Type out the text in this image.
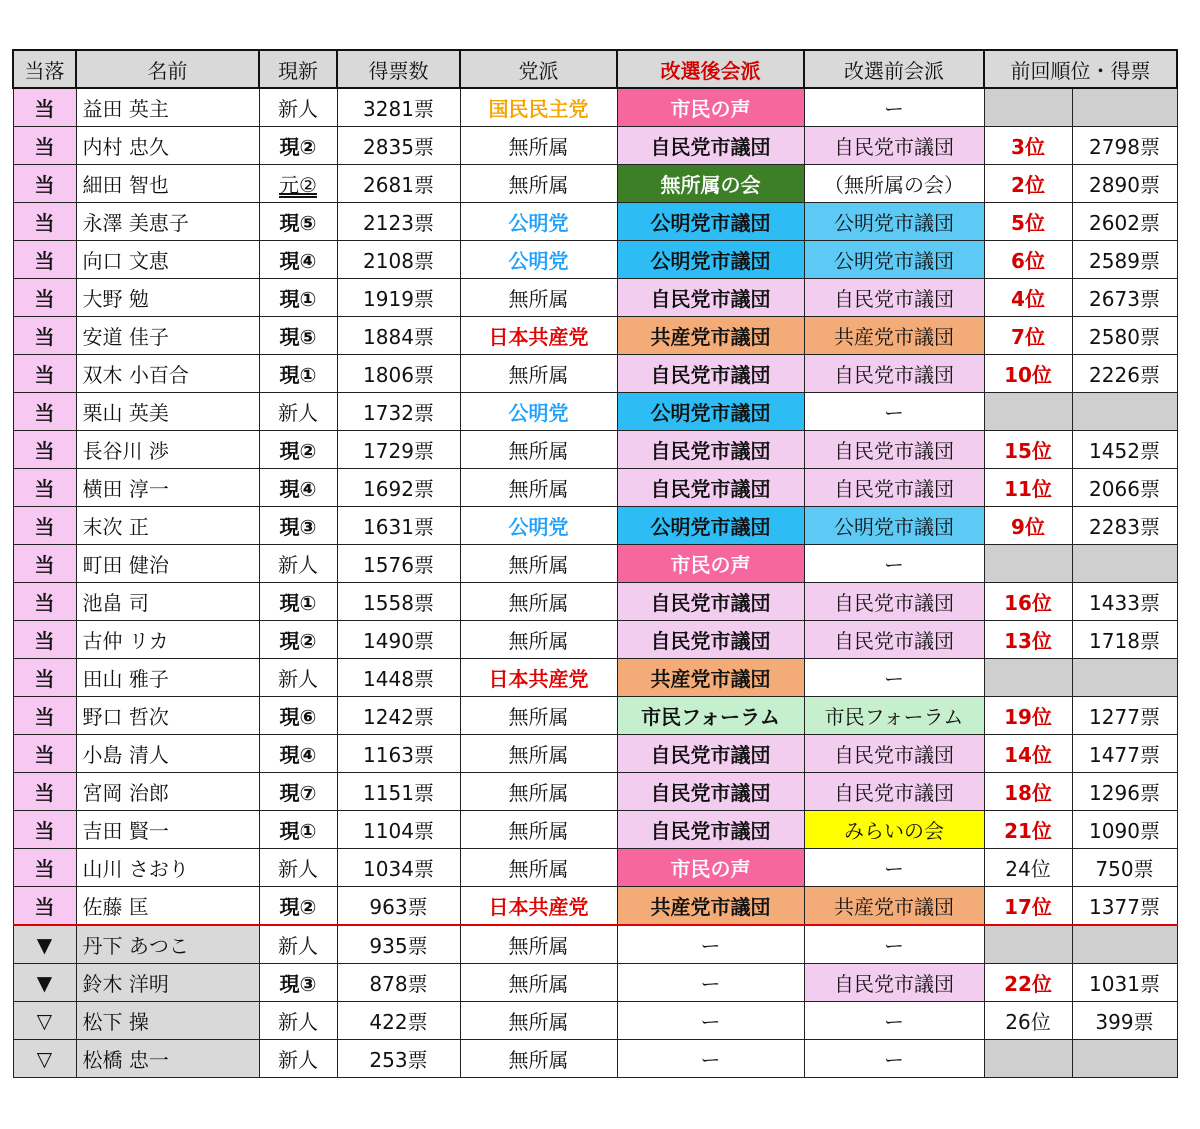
当落	名前	現新	得票数	党派	改選後会派	改選前会派	前回順位・得票	
当	益田 英主	新人	3281票	国民民主党	市民の声	ー		
当	内村 忠久	現②	2835票	無所属	自民党市議団	自民党市議団	3位	2798票
当	細田 智也	元②	2681票	無所属	無所属の会	（無所属の会）	2位	2890票
当	永澤 美恵子	現⑤	2123票	公明党	公明党市議団	公明党市議団	5位	2602票
当	向口 文恵	現④	2108票	公明党	公明党市議団	公明党市議団	6位	2589票
当	大野 勉	現①	1919票	無所属	自民党市議団	自民党市議団	4位	2673票
当	安道 佳子	現⑤	1884票	日本共産党	共産党市議団	共産党市議団	7位	2580票
当	双木 小百合	現①	1806票	無所属	自民党市議団	自民党市議団	10位	2226票
当	栗山 英美	新人	1732票	公明党	公明党市議団	ー		
当	長谷川 渉	現②	1729票	無所属	自民党市議団	自民党市議団	15位	1452票
当	横田 淳一	現④	1692票	無所属	自民党市議団	自民党市議団	11位	2066票
当	末次 正	現③	1631票	公明党	公明党市議団	公明党市議団	9位	2283票
当	町田 健治	新人	1576票	無所属	市民の声	ー		
当	池畠 司	現①	1558票	無所属	自民党市議団	自民党市議団	16位	1433票
当	古仲 リカ	現②	1490票	無所属	自民党市議団	自民党市議団	13位	1718票
当	田山 雅子	新人	1448票	日本共産党	共産党市議団	ー		
当	野口 哲次	現⑥	1242票	無所属	市民フォーラム	市民フォーラム	19位	1277票
当	小島 清人	現④	1163票	無所属	自民党市議団	自民党市議団	14位	1477票
当	宮岡 治郎	現⑦	1151票	無所属	自民党市議団	自民党市議団	18位	1296票
当	吉田 賢一	現①	1104票	無所属	自民党市議団	みらいの会	21位	1090票
当	山川 さおり	新人	1034票	無所属	市民の声	ー	24位	750票
当	佐藤 匡	現②	963票	日本共産党	共産党市議団	共産党市議団	17位	1377票
▼	丹下 あつこ	新人	935票	無所属	ー	ー		
▼	鈴木 洋明	現③	878票	無所属	ー	自民党市議団	22位	1031票
▽	松下 操	新人	422票	無所属	ー	ー	26位	399票
▽	松橋 忠一	新人	253票	無所属	ー	ー		
